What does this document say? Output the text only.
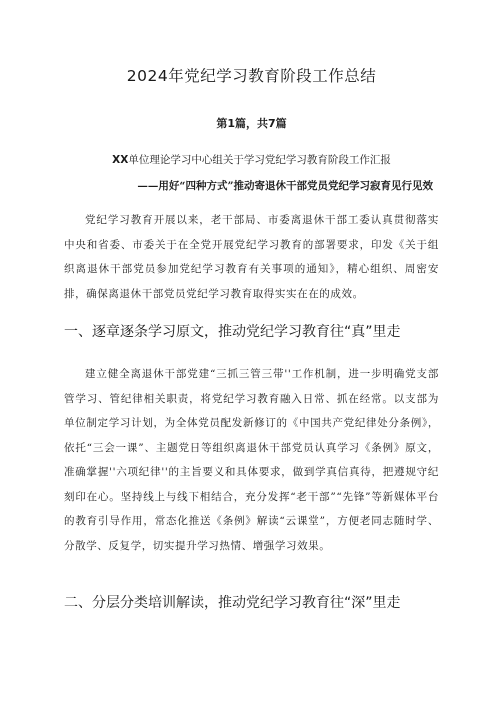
2024年党纪学习教育阶段工作总结
第1篇，共7篇
XX单位理论学习中心组关于学习党纪学习教育阶段工作汇报
——用好“四种方式”推动寄退休干部党员党纪学习寂育见行见效

党纪学习教育开展以来，老干部局、市委离退休干部工委认真贯彻落实中央和省委、市委关于在全党开展党纪学习教育的部署要求，印发《关于组织离退休干部党员参加党纪学习教育有关事项的通知》，精心组织、周密安排，确保离退休干部党员党纪学习教育取得实实在在的成效。

一、逐章逐条学习原文，推动党纪学习教育往“真”里走

建立健全离退休干部党建“三抓三管三带''工作机制，进一步明确党支部管学习、管纪律相关职责，将党纪学习教育融入日常、抓在经常。以支部为单位制定学习计划，为全体党员配发新修订的《中国共产党纪律处分条例》，依托“三会一课”、主题党日等组织离退休干部党员认真学习《条例》原文，准确掌握''六项纪律''的主旨要义和具体要求，做到学真信真待，把遵规守纪刻印在心。坚持线上与线下相结合，充分发挥“老干部”“先锋”等新媒体平台的教育引导作用，常态化推送《条例》解读“云课堂”，方便老同志随时学、分散学、反复学，切实提升学习热情、增强学习效果。

二、分层分类培训解读，推动党纪学习教育往“深”里走
